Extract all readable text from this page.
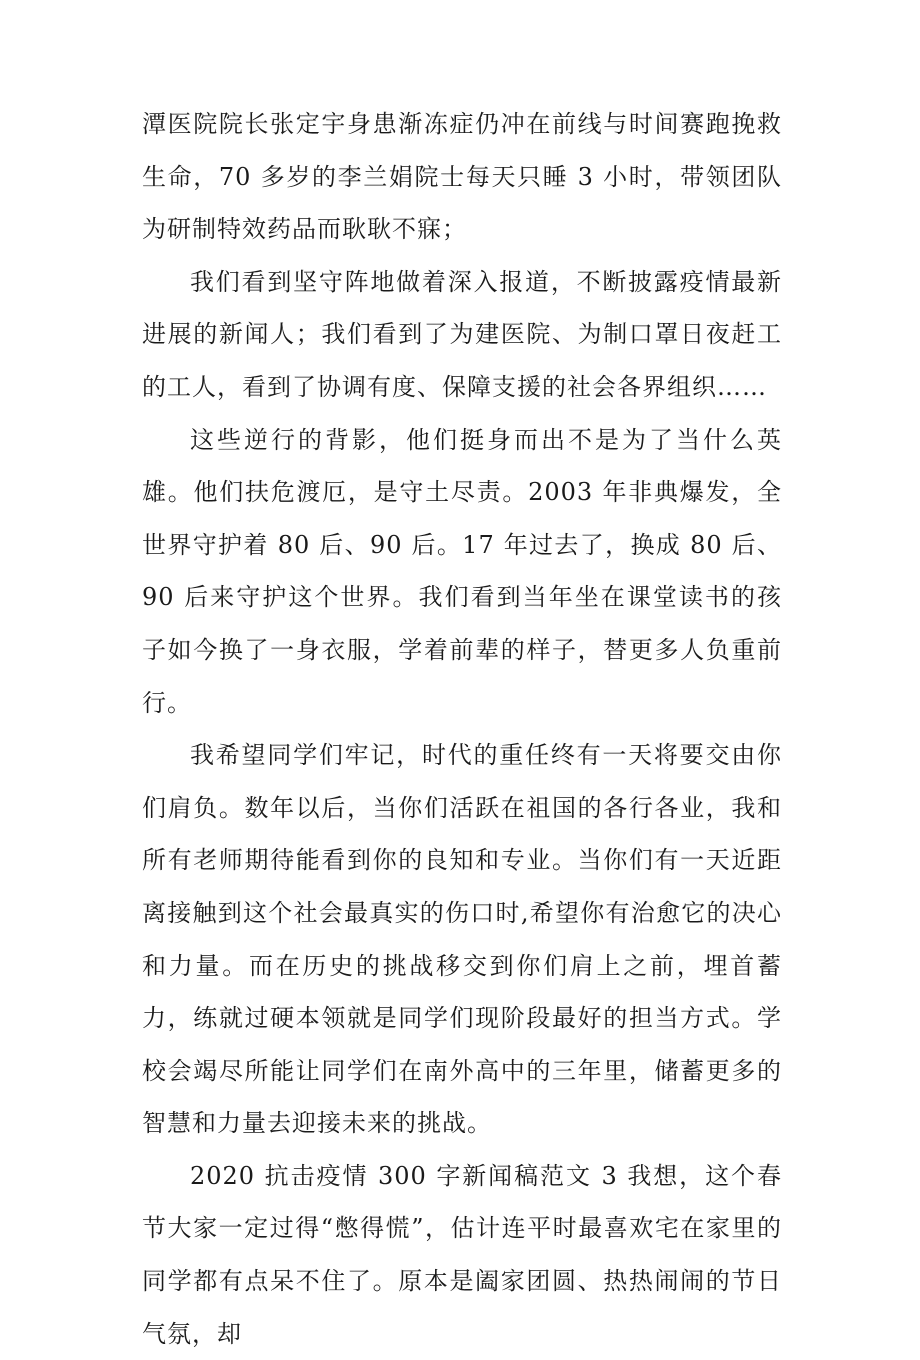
潭医院院长张定宇身患渐冻症仍冲在前线与时间赛跑挽救生命，70 多岁的李兰娟院士每天只睡 3 小时，带领团队为研制特效药品而耿耿不寐；

我们看到坚守阵地做着深入报道，不断披露疫情最新进展的新闻人；我们看到了为建医院、为制口罩日夜赶工的工人，看到了协调有度、保障支援的社会各界组织……

这些逆行的背影，他们挺身而出不是为了当什么英雄。他们扶危渡厄，是守土尽责。2003 年非典爆发，全世界守护着 80 后、90 后。17 年过去了，换成 80 后、90 后来守护这个世界。我们看到当年坐在课堂读书的孩子如今换了一身衣服，学着前辈的样子，替更多人负重前行。

我希望同学们牢记，时代的重任终有一天将要交由你们肩负。数年以后，当你们活跃在祖国的各行各业，我和所有老师期待能看到你的良知和专业。当你们有一天近距离接触到这个社会最真实的伤口时,希望你有治愈它的决心和力量。而在历史的挑战移交到你们肩上之前，埋首蓄力，练就过硬本领就是同学们现阶段最好的担当方式。学校会竭尽所能让同学们在南外高中的三年里，储蓄更多的智慧和力量去迎接未来的挑战。

2020 抗击疫情 300 字新闻稿范文 3 我想，这个春节大家一定过得“憋得慌”，估计连平时最喜欢宅在家里的同学都有点呆不住了。原本是阖家团圆、热热闹闹的节日气氛，却
